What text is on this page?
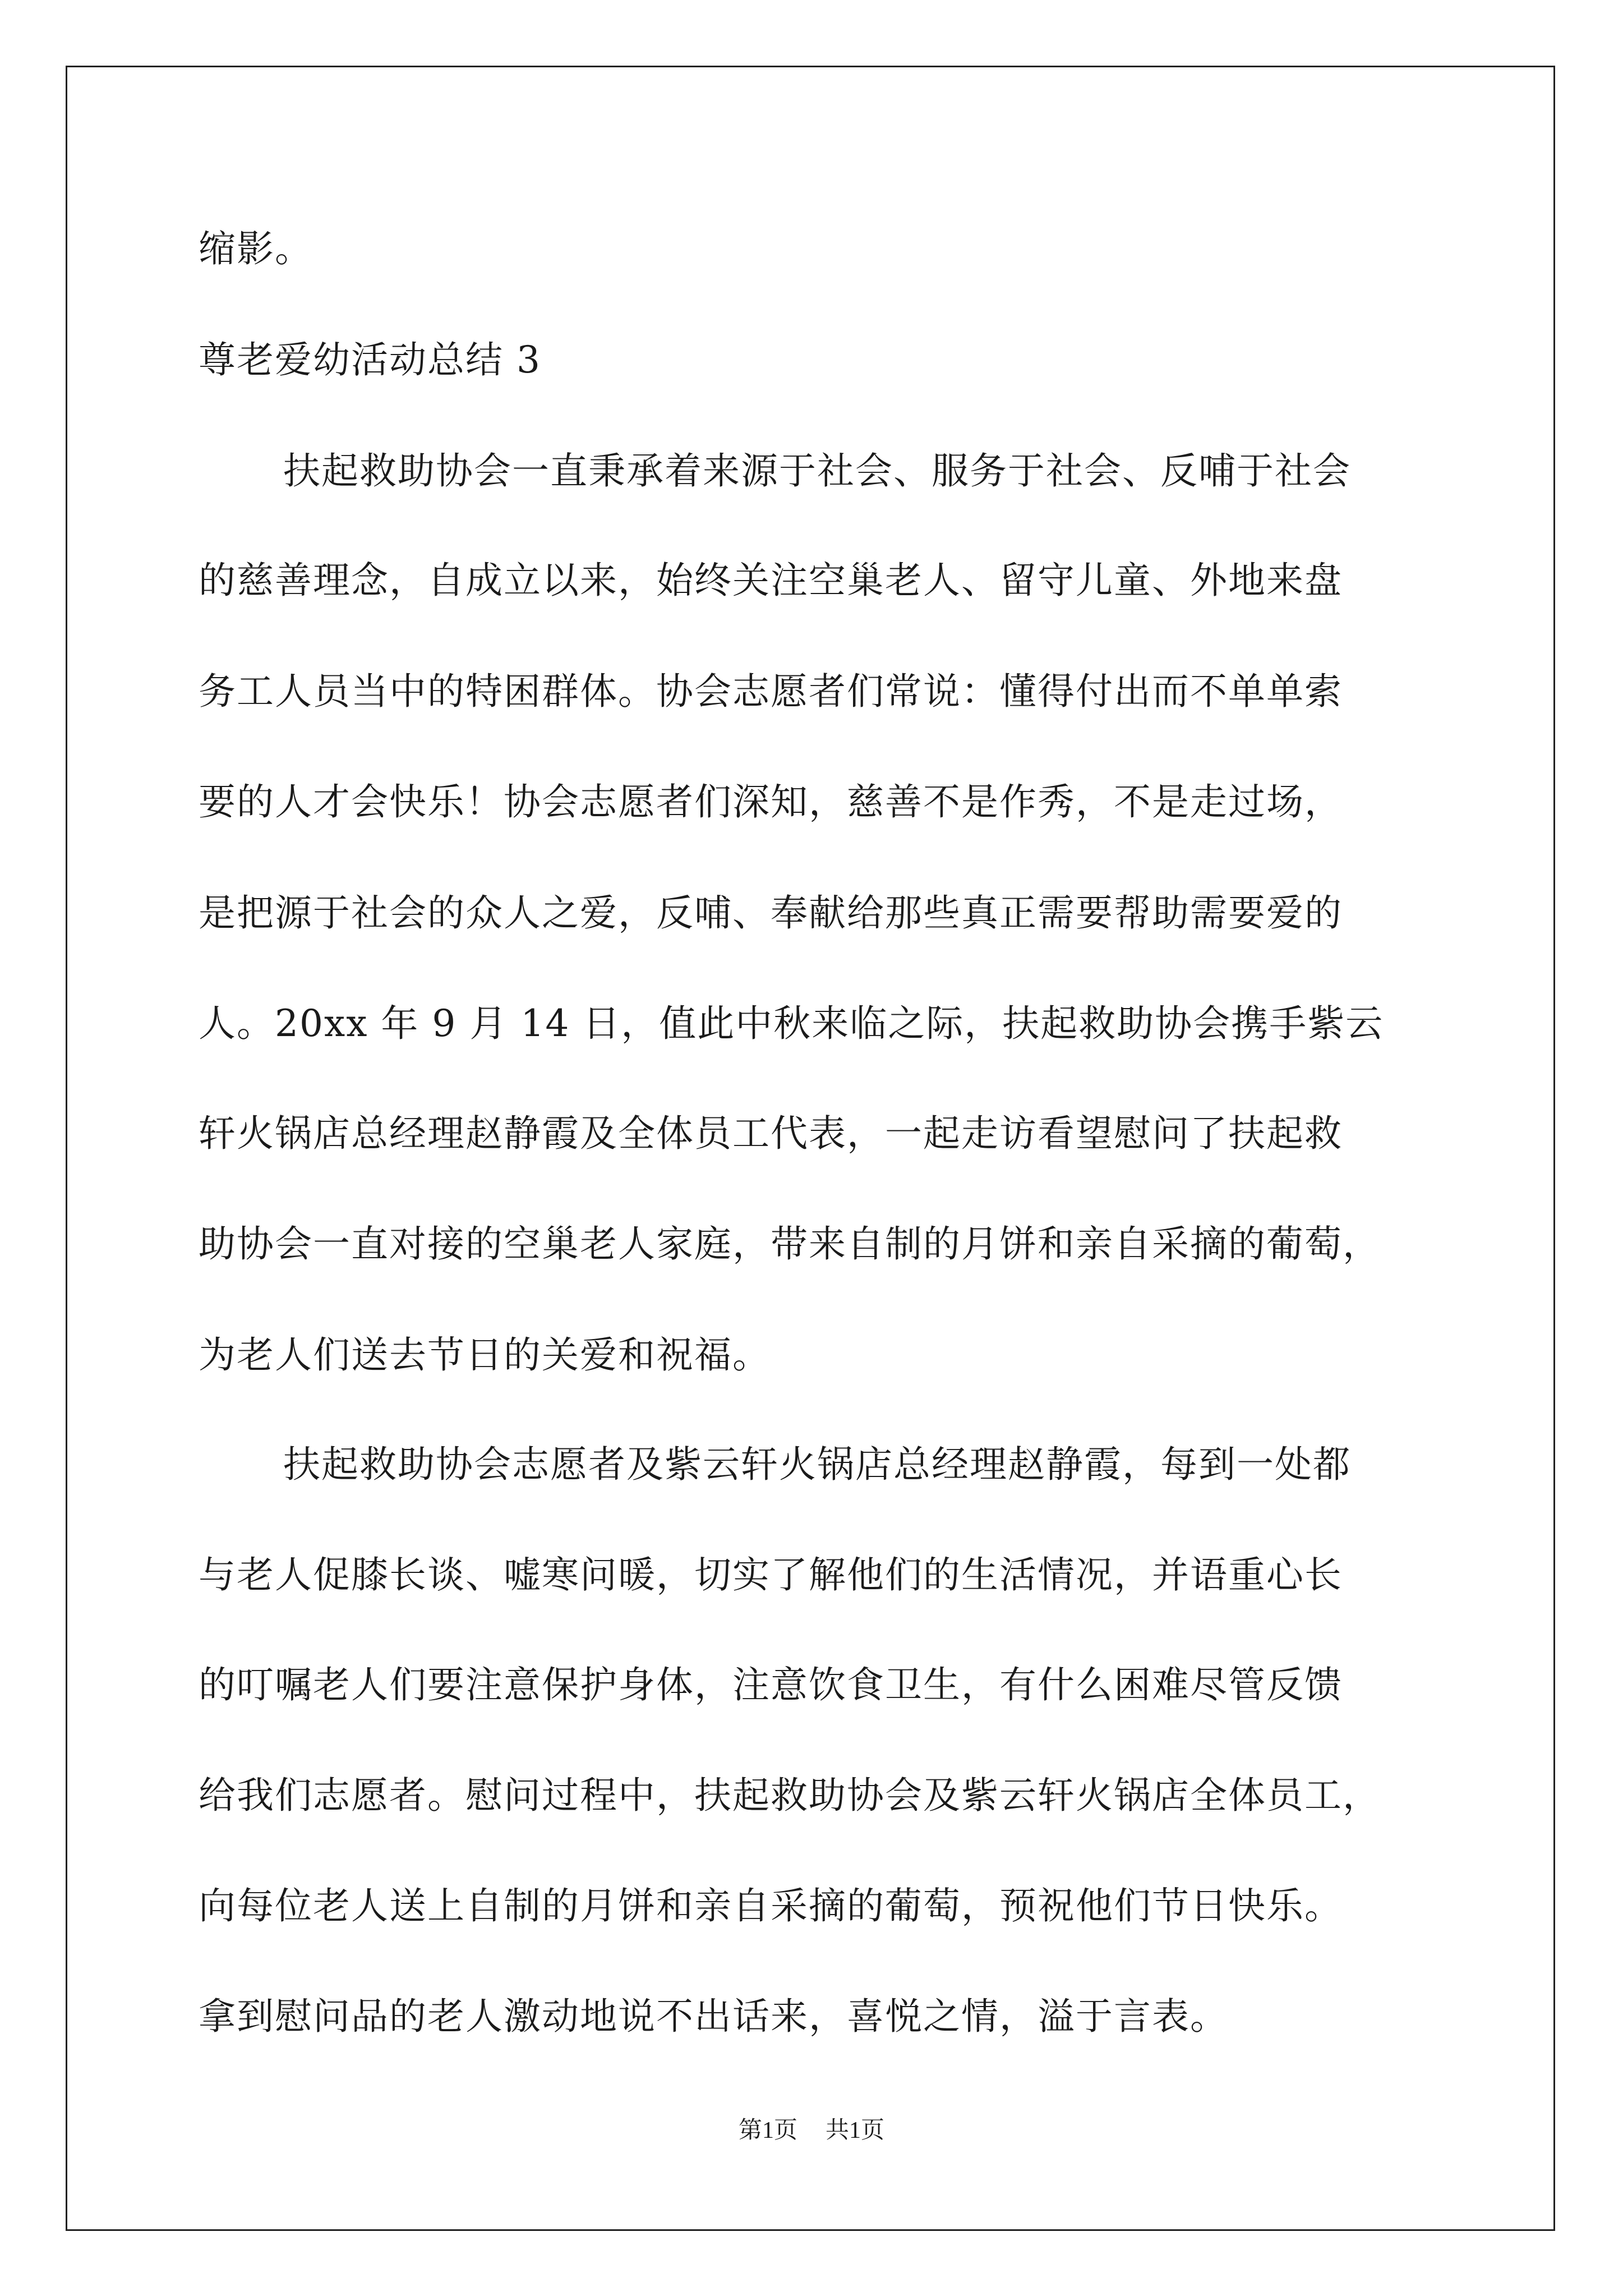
缩影。
尊老爱幼活动总结 3
扶起救助协会一直秉承着来源于社会、服务于社会、反哺于社会
的慈善理念，自成立以来，始终关注空巢老人、留守儿童、外地来盘
务工人员当中的特困群体。协会志愿者们常说：懂得付出而不单单索
要的人才会快乐！协会志愿者们深知，慈善不是作秀，不是走过场，
是把源于社会的众人之爱，反哺、奉献给那些真正需要帮助需要爱的
人。20xx 年 9 月 14 日，值此中秋来临之际，扶起救助协会携手紫云
轩火锅店总经理赵静霞及全体员工代表，一起走访看望慰问了扶起救
助协会一直对接的空巢老人家庭，带来自制的月饼和亲自采摘的葡萄，
为老人们送去节日的关爱和祝福。
扶起救助协会志愿者及紫云轩火锅店总经理赵静霞，每到一处都
与老人促膝长谈、嘘寒问暖，切实了解他们的生活情况，并语重心长
的叮嘱老人们要注意保护身体，注意饮食卫生，有什么困难尽管反馈
给我们志愿者。慰问过程中，扶起救助协会及紫云轩火锅店全体员工，
向每位老人送上自制的月饼和亲自采摘的葡萄，预祝他们节日快乐。
拿到慰问品的老人激动地说不出话来，喜悦之情，溢于言表。
第1页 共1页
